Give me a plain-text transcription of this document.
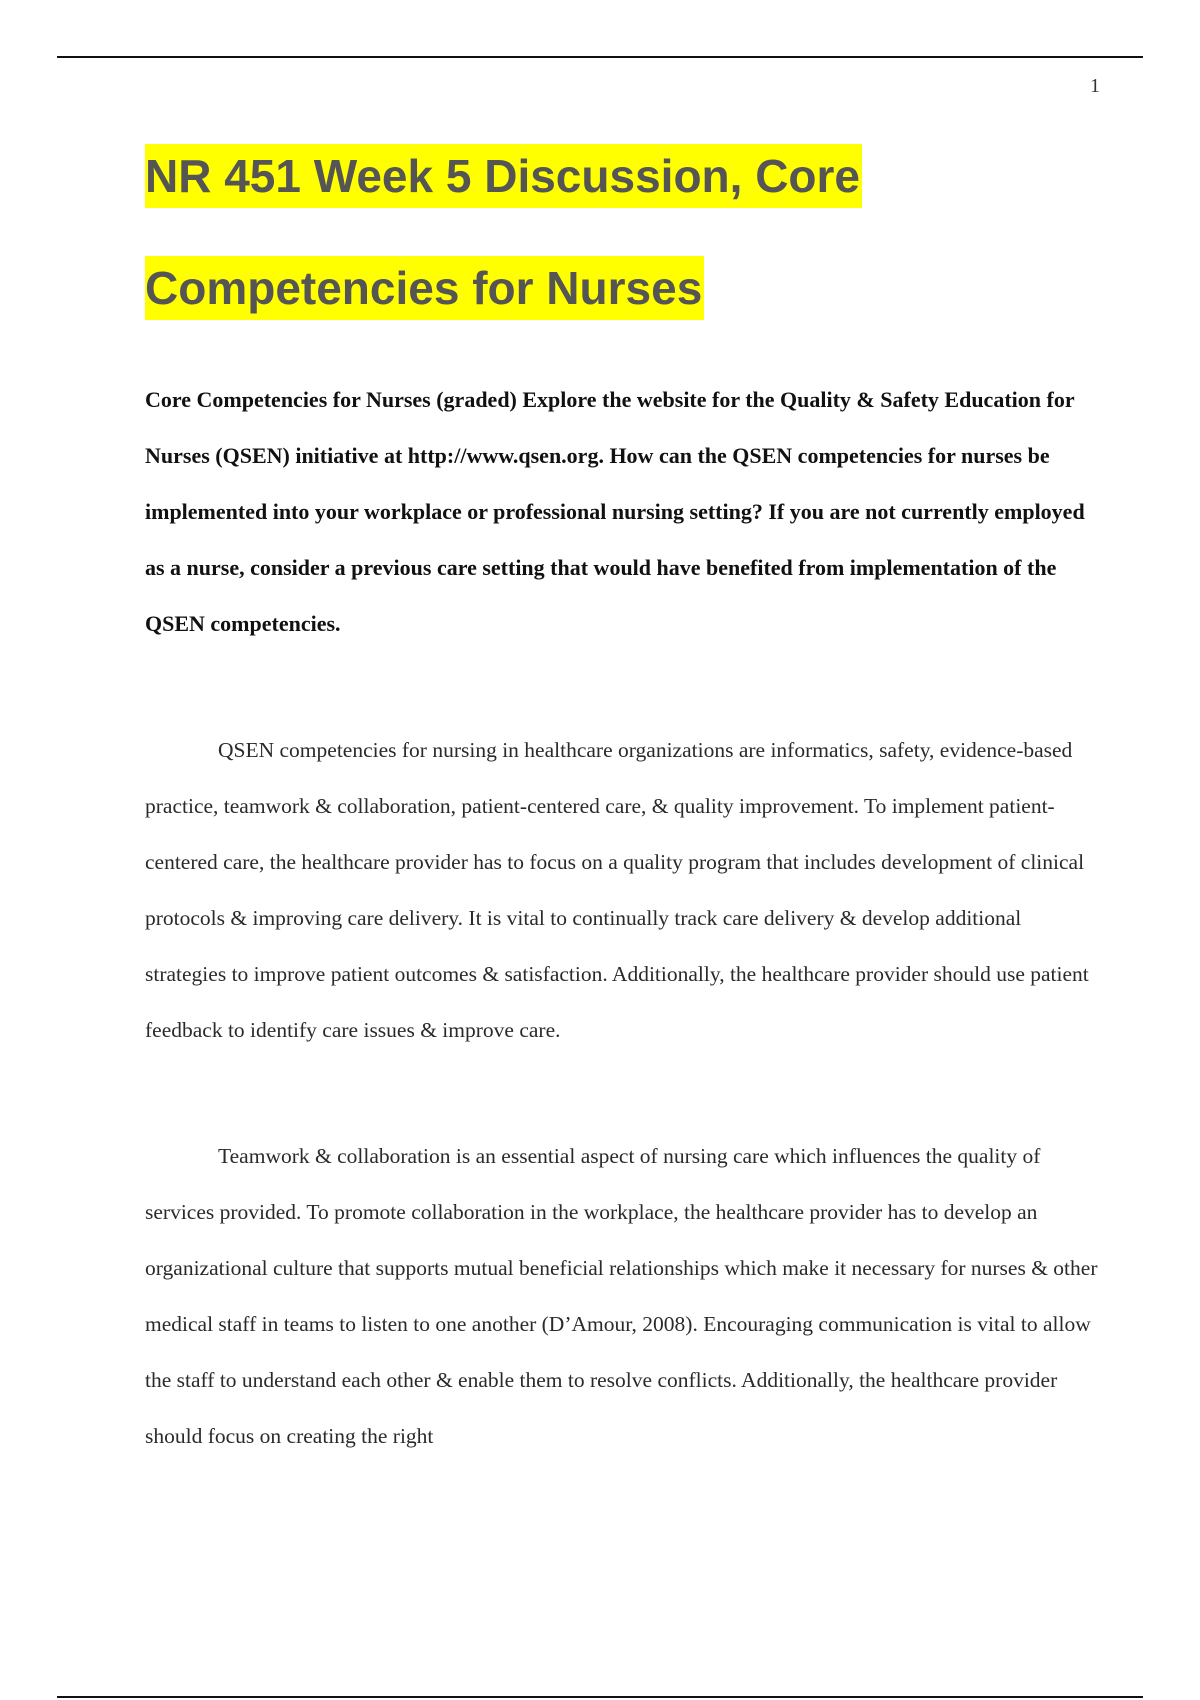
1
NR 451 Week 5 Discussion, Core
Competencies for Nurses

Core Competencies for Nurses (graded) Explore the website for the Quality & Safety Education for Nurses (QSEN) initiative at http://www.qsen.org. How can the QSEN competencies for nurses be implemented into your workplace or professional nursing setting? If you are not currently employed as a nurse, consider a previous care setting that would have benefited from implementation of the QSEN competencies.

QSEN competencies for nursing in healthcare organizations are informatics, safety, evidence-based practice, teamwork & collaboration, patient-centered care, & quality improvement. To implement patient-centered care, the healthcare provider has to focus on a quality program that includes development of clinical protocols & improving care delivery. It is vital to continually track care delivery & develop additional strategies to improve patient outcomes & satisfaction. Additionally, the healthcare provider should use patient feedback to identify care issues & improve care.

Teamwork & collaboration is an essential aspect of nursing care which influences the quality of services provided. To promote collaboration in the workplace, the healthcare provider has to develop an organizational culture that supports mutual beneficial relationships which make it necessary for nurses & other medical staff in teams to listen to one another (D’Amour, 2008). Encouraging communication is vital to allow the staff to understand each other & enable them to resolve conflicts. Additionally, the healthcare provider should focus on creating the right
